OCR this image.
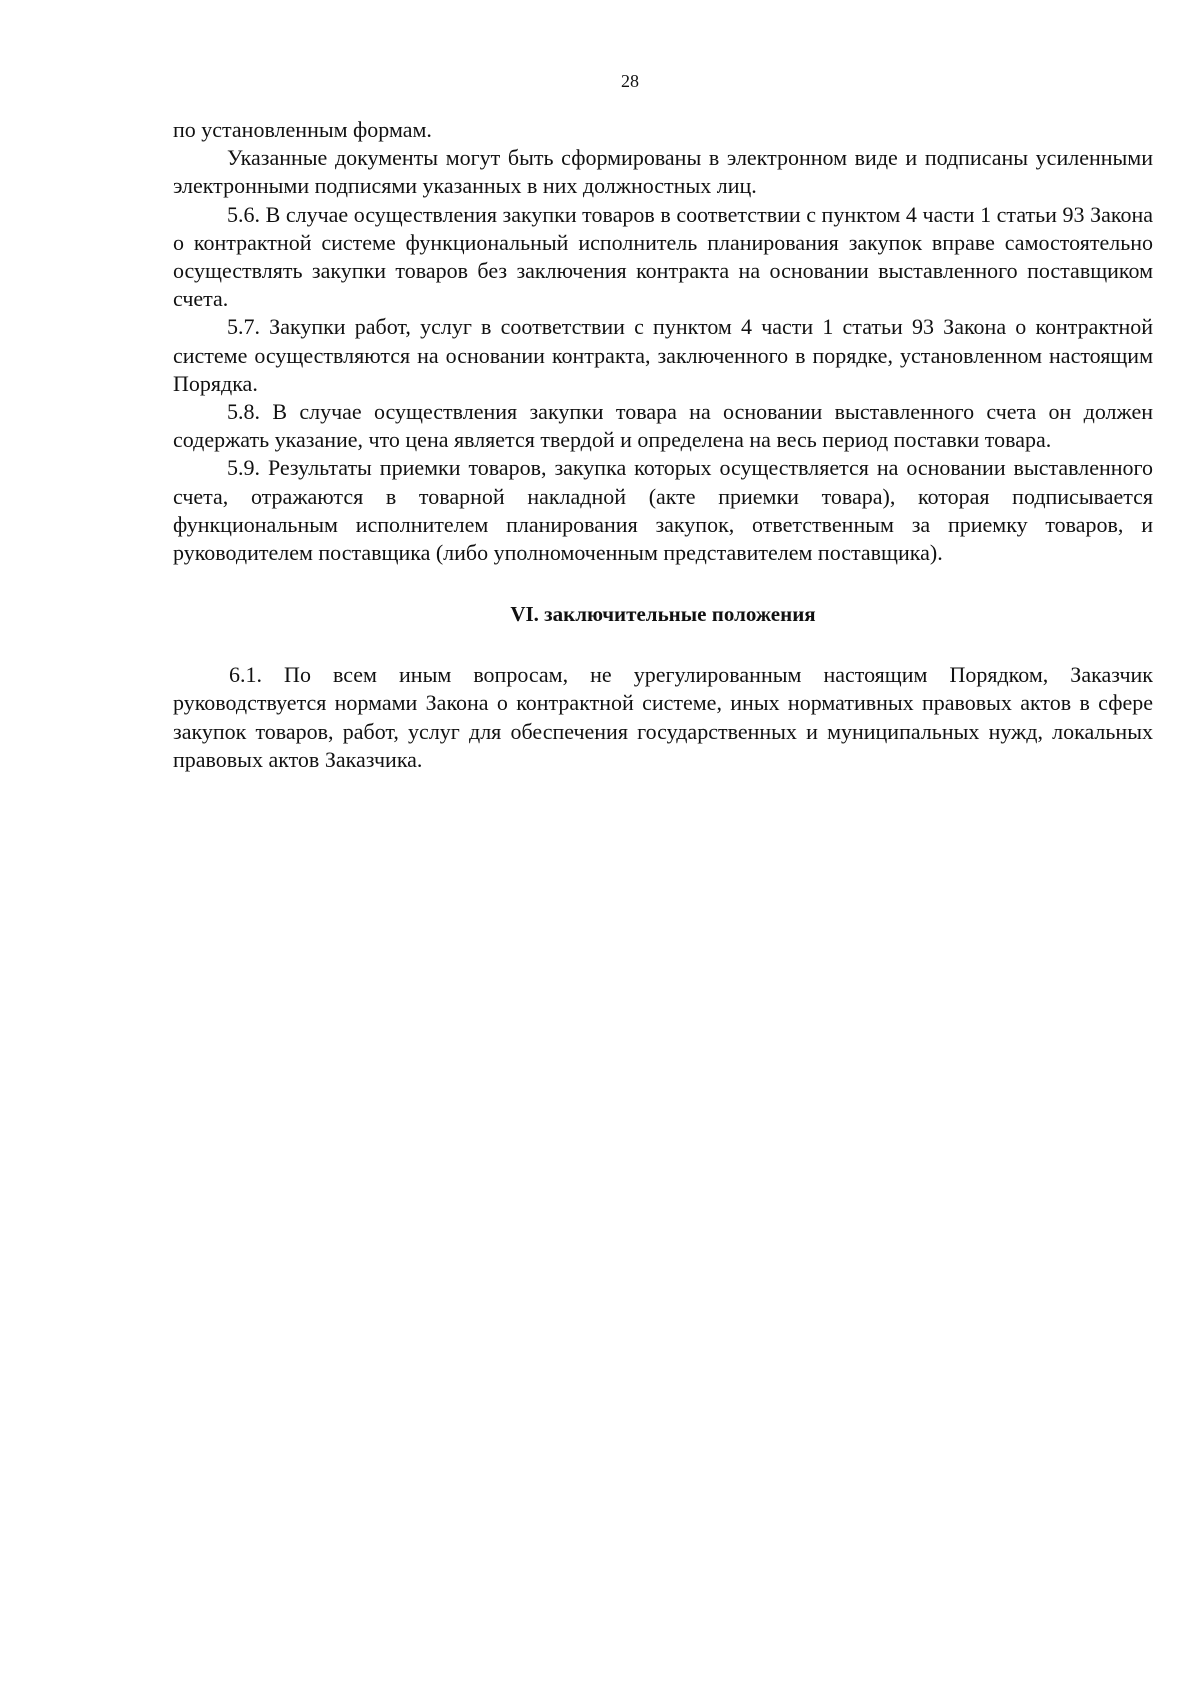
28

по установленным формам.

Указанные документы могут быть сформированы в электронном виде и подписаны усиленными электронными подписями указанных в них должностных лиц.

5.6. В случае осуществления закупки товаров в соответствии с пунктом 4 части 1 статьи 93 Закона о контрактной системе функциональный исполнитель планирования закупок вправе самостоятельно осуществлять закупки товаров без заключения контракта на основании выставленного поставщиком счета.

5.7. Закупки работ, услуг в соответствии с пунктом 4 части 1 статьи 93 Закона о контрактной системе осуществляются на основании контракта, заключенного в порядке, установленном настоящим Порядка.

5.8. В случае осуществления закупки товара на основании выставленного счета он должен содержать указание, что цена является твердой и определена на весь период поставки товара.

5.9. Результаты приемки товаров, закупка которых осуществляется на основании выставленного счета, отражаются в товарной накладной (акте приемки товара), которая подписывается функциональным исполнителем планирования закупок, ответственным за приемку товаров, и руководителем поставщика (либо уполномоченным представителем поставщика).

VI. заключительные положения

6.1. По всем иным вопросам, не урегулированным настоящим Порядком, Заказчик руководствуется нормами Закона о контрактной системе, иных нормативных правовых актов в сфере закупок товаров, работ, услуг для обеспечения государственных и муниципальных нужд, локальных правовых актов Заказчика.
